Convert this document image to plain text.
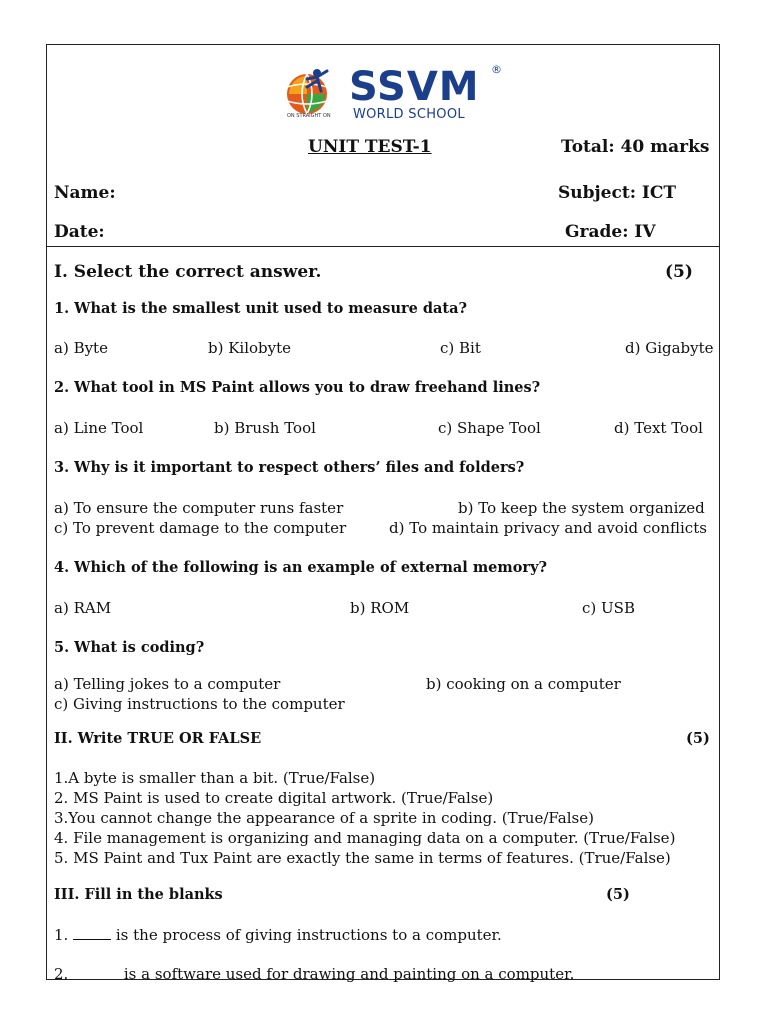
SSVM ®
WORLD SCHOOL
ON STRAIGHT ON
UNIT TEST-1	Total: 40 marks
Name:	Subject: ICT
Date:	Grade: IV
I. Select the correct answer.	(5)
1. What is the smallest unit used to measure data?
a) Byte	b) Kilobyte	c) Bit	d) Gigabyte
2. What tool in MS Paint allows you to draw freehand lines?
a) Line Tool	b) Brush Tool	c) Shape Tool	d) Text Tool
3. Why is it important to respect others’ files and folders?
a) To ensure the computer runs faster	b) To keep the system organized
c) To prevent damage to the computer	d) To maintain privacy and avoid conflicts
4. Which of the following is an example of external memory?
a) RAM	b) ROM	c) USB
5. What is coding?
a) Telling jokes to a computer	b) cooking on a computer
c) Giving instructions to the computer
II. Write TRUE OR FALSE	(5)
1.A byte is smaller than a bit. (True/False)
2. MS Paint is used to create digital artwork. (True/False)
3.You cannot change the appearance of a sprite in coding. (True/False)
4. File management is organizing and managing data on a computer. (True/False)
5. MS Paint and Tux Paint are exactly the same in terms of features. (True/False)
III. Fill in the blanks	(5)
1.	is the process of giving instructions to a computer.
2.	is a software used for drawing and painting on a computer.
